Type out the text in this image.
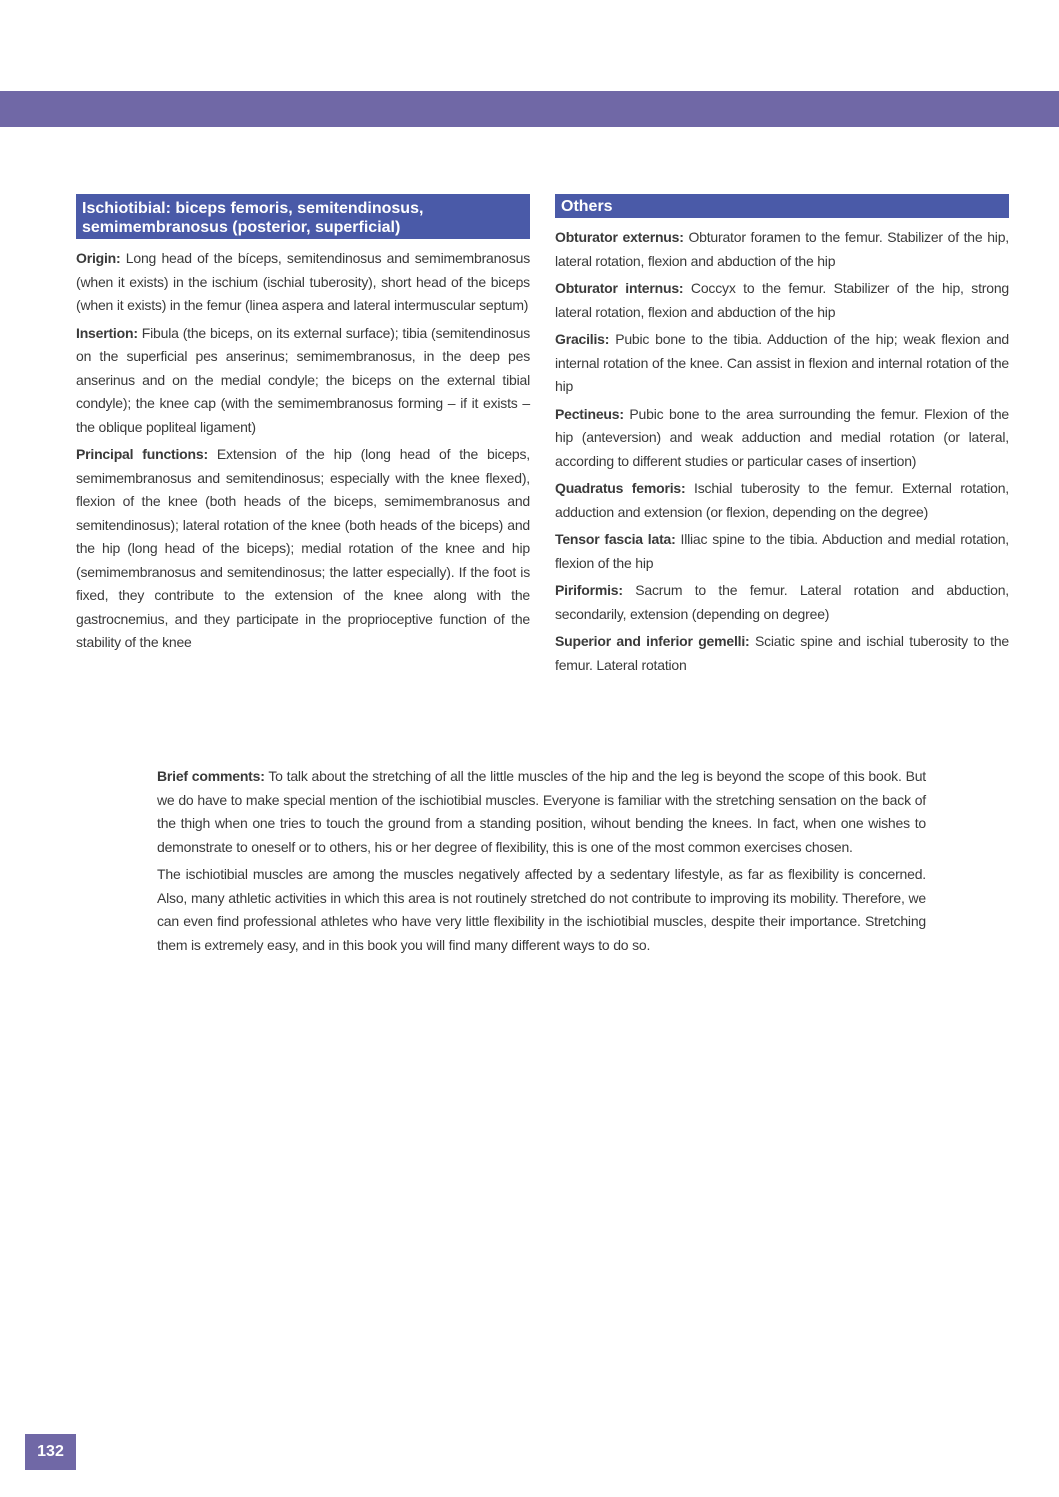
Ischiotibial: biceps femoris, semitendinosus, semimembranosus (posterior, superficial)

Origin: Long head of the bíceps, semitendinosus and semimembranosus (when it exists) in the ischium (ischial tuberosity), short head of the biceps (when it exists) in the femur (linea aspera and lateral intermuscular septum)

Insertion: Fibula (the biceps, on its external surface); tibia (semitendinosus on the superficial pes anserinus; semimembranosus, in the deep pes anserinus and on the medial condyle; the biceps on the external tibial condyle); the knee cap (with the semimembranosus forming – if it exists – the oblique popliteal ligament)

Principal functions: Extension of the hip (long head of the biceps, semimembranosus and semitendinosus; especially with the knee flexed), flexion of the knee (both heads of the biceps, semimembranosus and semitendinosus); lateral rotation of the knee (both heads of the biceps) and the hip (long head of the biceps); medial rotation of the knee and hip (semimembranosus and semitendinosus; the latter especially). If the foot is fixed, they contribute to the extension of the knee along with the gastrocnemius, and they participate in the proprioceptive function of the stability of the knee

Others

Obturator externus: Obturator foramen to the femur. Stabilizer of the hip, lateral rotation, flexion and abduction of the hip

Obturator internus: Coccyx to the femur. Stabilizer of the hip, strong lateral rotation, flexion and abduction of the hip

Gracilis: Pubic bone to the tibia. Adduction of the hip; weak flexion and internal rotation of the knee. Can assist in flexion and internal rotation of the hip

Pectineus: Pubic bone to the area surrounding the femur. Flexion of the hip (anteversion) and weak adduction and medial rotation (or lateral, according to different studies or particular cases of insertion)

Quadratus femoris: Ischial tuberosity to the femur. External rotation, adduction and extension (or flexion, depending on the degree)

Tensor fascia lata: Illiac spine to the tibia. Abduction and medial rotation, flexion of the hip

Piriformis: Sacrum to the femur. Lateral rotation and abduction, secondarily, extension (depending on degree)

Superior and inferior gemelli: Sciatic spine and ischial tuberosity to the femur. Lateral rotation

Brief comments: To talk about the stretching of all the little muscles of the hip and the leg is beyond the scope of this book. But we do have to make special mention of the ischiotibial muscles. Everyone is familiar with the stretching sensation on the back of the thigh when one tries to touch the ground from a standing position, wihout bending the knees. In fact, when one wishes to demonstrate to oneself or to others, his or her degree of flexibility, this is one of the most common exercises chosen.

The ischiotibial muscles are among the muscles negatively affected by a sedentary lifestyle, as far as flexibility is concerned. Also, many athletic activities in which this area is not routinely stretched do not contribute to improving its mobility. Therefore, we can even find professional athletes who have very little flexibility in the ischiotibial muscles, despite their importance. Stretching them is extremely easy, and in this book you will find many different ways to do so.

132
